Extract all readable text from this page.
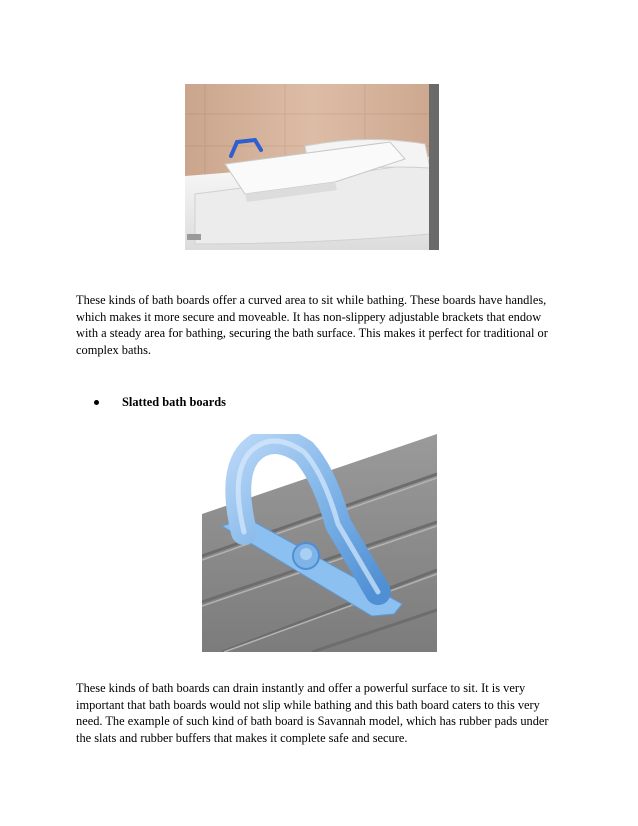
These kinds of bath boards offer a curved area to sit while bathing. These boards have handles, which makes it more secure and moveable. It has non-slippery adjustable brackets that endow with a steady area for bathing, securing the bath surface. This makes it perfect for traditional or complex baths.

Slatted bath boards

These kinds of bath boards can drain instantly and offer a powerful surface to sit. It is very important that bath boards would not slip while bathing and this bath board caters to this very need. The example of such kind of bath board is Savannah model, which has rubber pads under the slats and rubber buffers that makes it complete safe and secure.
